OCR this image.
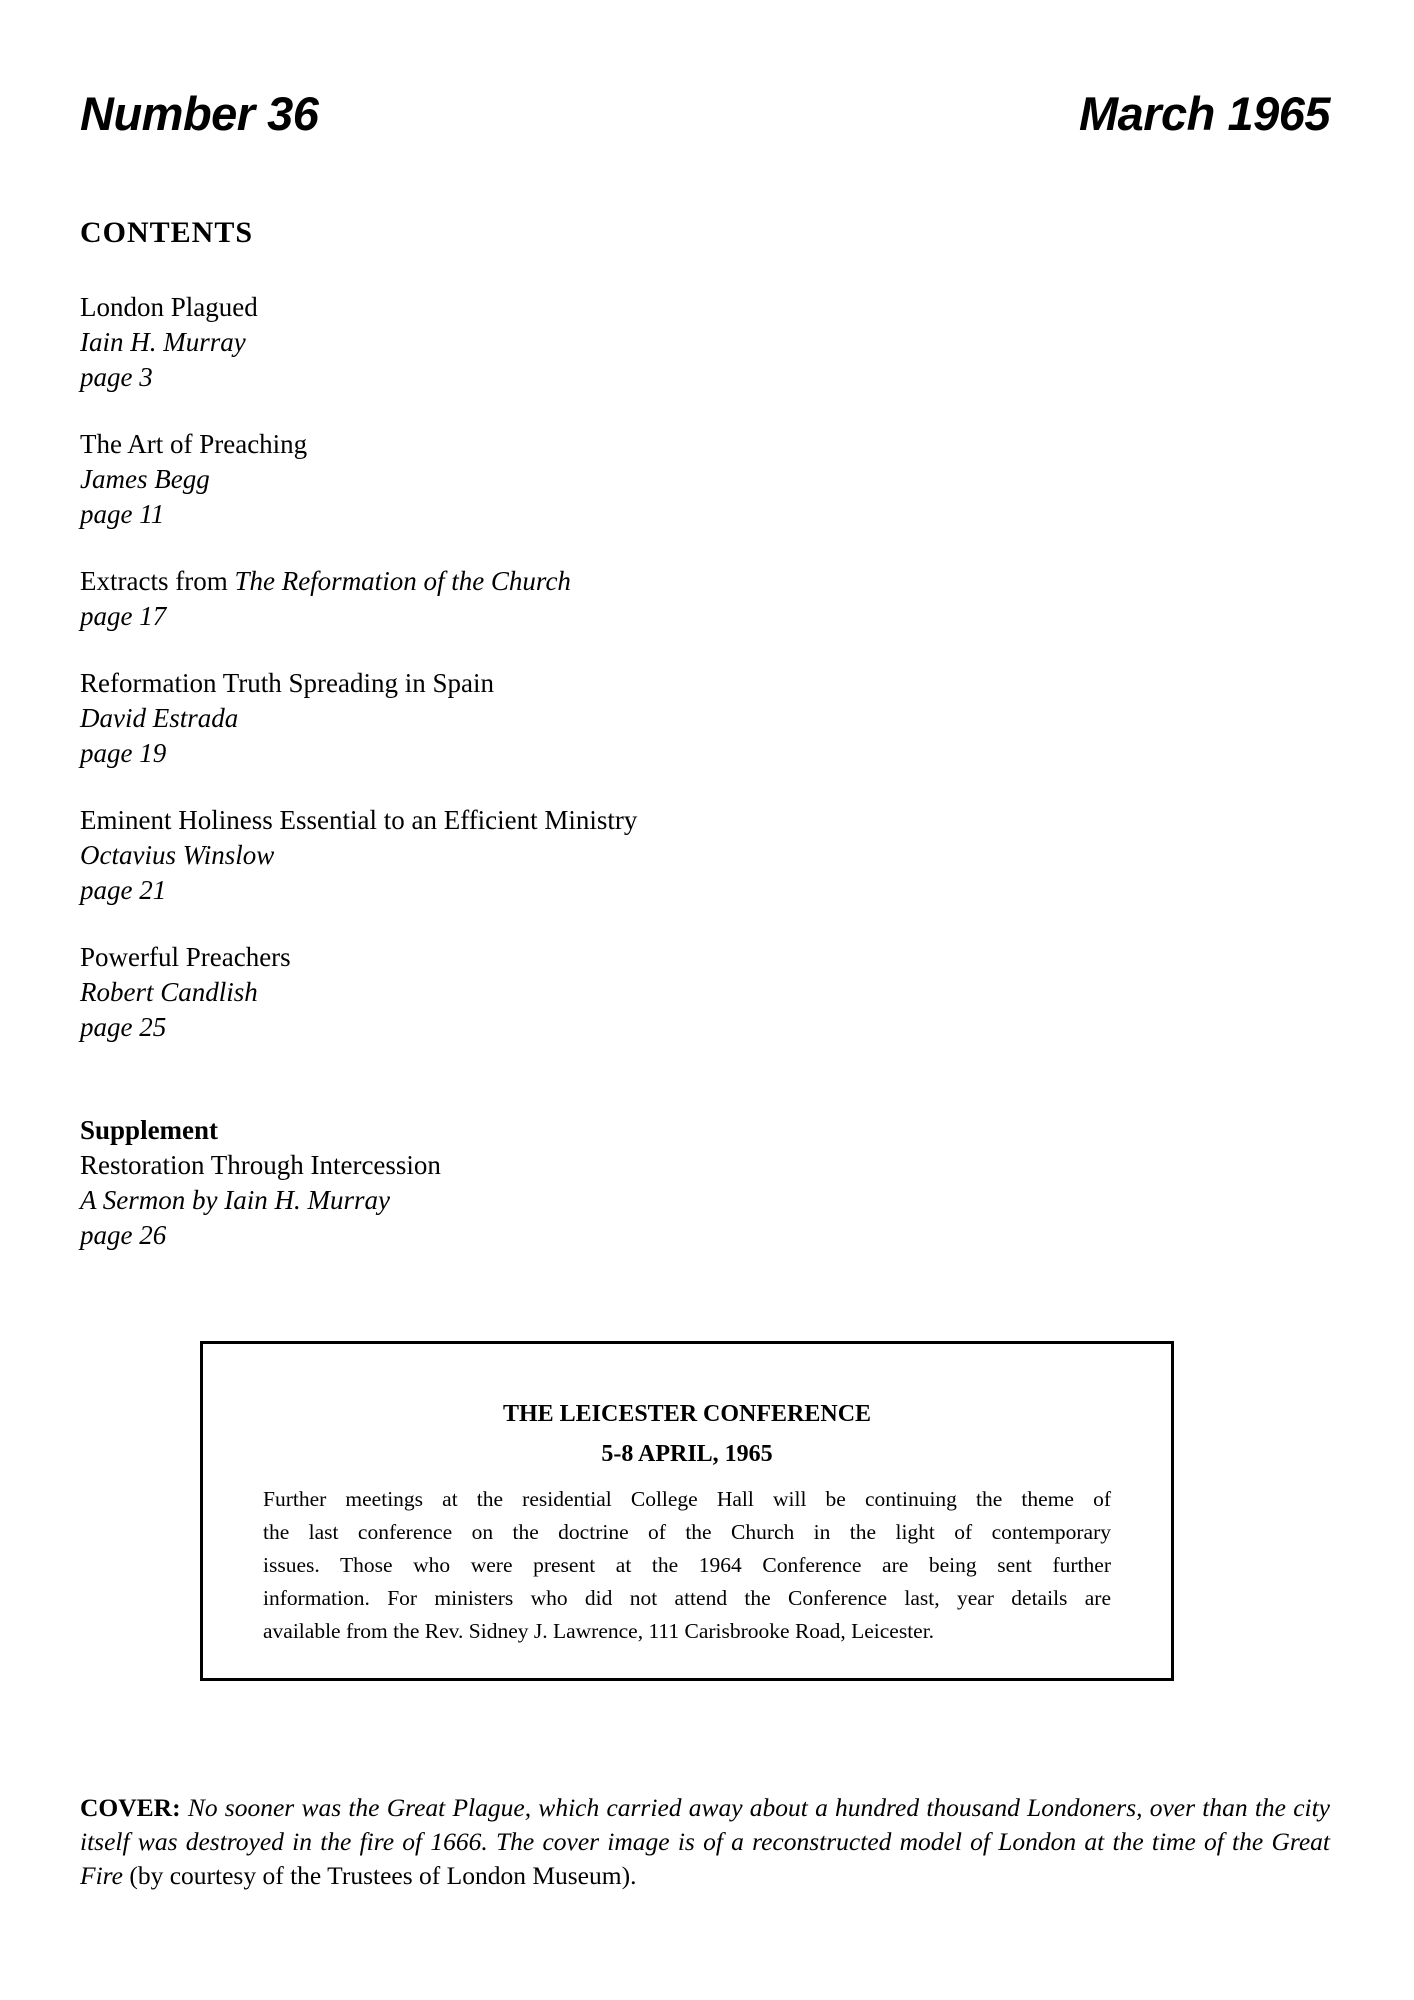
Number 36	March 1965
CONTENTS
London Plagued
Iain H. Murray
page 3
The Art of Preaching
James Begg
page 11
Extracts from The Reformation of the Church
page 17
Reformation Truth Spreading in Spain
David Estrada
page 19
Eminent Holiness Essential to an Efficient Ministry
Octavius Winslow
page 21
Powerful Preachers
Robert Candlish
page 25
Supplement
Restoration Through Intercession
A Sermon by Iain H. Murray
page 26
THE LEICESTER CONFERENCE
5-8 APRIL, 1965
Further meetings at the residential College Hall will be continuing the theme of
the last conference on the doctrine of the Church in the light of contemporary
issues. Those who were present at the 1964 Conference are being sent further
information. For ministers who did not attend the Conference last, year details are
available from the Rev. Sidney J. Lawrence, 111 Carisbrooke Road, Leicester.

COVER: No sooner was the Great Plague, which carried away about a hundred thousand Londoners, over than the city itself was destroyed in the fire of 1666. The cover image is of a reconstructed model of London at the time of the Great Fire (by courtesy of the Trustees of London Museum).
